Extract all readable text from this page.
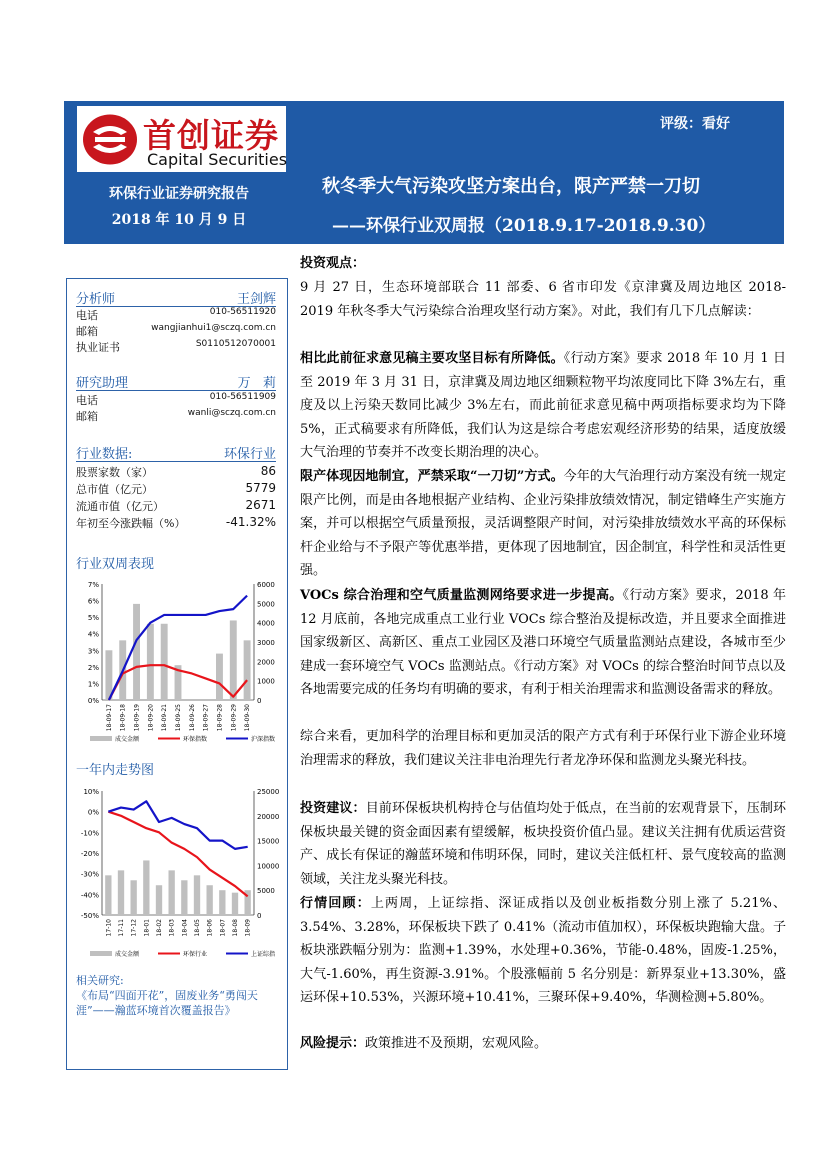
首创证券
Capital Securities
环保行业证券研究报告
2018 年 10 月 9 日
评级：看好
秋冬季大气污染攻坚方案出台，限产严禁一刀切
——环保行业双周报（2018.9.17-2018.9.30）
分析师	王剑辉
电话	010-56511920
邮箱	wangjianhui1@sczq.com.cn
执业证书	S0110512070001
研究助理	万   莉
电话	010-56511909
邮箱	wanli@sczq.com.cn
行业数据:	环保行业
股票家数（家）	86
总市值（亿元）	5779
流通市值（亿元）	2671
年初至今涨跌幅（%）	-41.32%
行业双周表现
7%
6%
5%
4%
3%
2%
1%
0%
6000
5000
4000
3000
2000
1000
0
18-09-17 18-09-18 18-09-19 18-09-20 18-09-21 18-09-25 18-09-26 18-09-27 18-09-28 18-09-29 18-09-30
成交金额	环保指数	沪深指数
一年内走势图
10%
0%
-10%
-20%
-30%
-40%
-50%
25000
20000
15000
10000
5000
0
17-10 17-11 17-12 18-01 18-02 18-03 18-04 18-05 18-06 18-07 18-08 18-09
成交金额	环保行业	上证综指
相关研究:
《布局“四面开花”，固废业务“勇闯天涯”——瀚蓝环境首次覆盖报告》
投资观点：
9 月 27 日，生态环境部联合 11 部委、6 省市印发《京津冀及周边地区 2018-2019 年秋冬季大气污染综合治理攻坚行动方案》。对此，我们有几下几点解读：
相比此前征求意见稿主要攻坚目标有所降低。《行动方案》要求 2018 年 10 月 1 日至 2019 年 3 月 31 日，京津冀及周边地区细颗粒物平均浓度同比下降 3%左右，重度及以上污染天数同比减少 3%左右，而此前征求意见稿中两项指标要求均为下降 5%，正式稿要求有所降低，我们认为这是综合考虑宏观经济形势的结果，适度放缓大气治理的节奏并不改变长期治理的决心。
限产体现因地制宜，严禁采取“一刀切”方式。今年的大气治理行动方案没有统一规定限产比例，而是由各地根据产业结构、企业污染排放绩效情况，制定错峰生产实施方案，并可以根据空气质量预报，灵活调整限产时间，对污染排放绩效水平高的环保标杆企业给与不予限产等优惠举措，更体现了因地制宜，因企制宜，科学性和灵活性更强。
VOCs 综合治理和空气质量监测网络要求进一步提高。《行动方案》要求，2018 年 12 月底前，各地完成重点工业行业 VOCs 综合整治及提标改造，并且要求全面推进国家级新区、高新区、重点工业园区及港口环境空气质量监测站点建设，各城市至少建成一套环境空气 VOCs 监测站点。《行动方案》对 VOCs 的综合整治时间节点以及各地需要完成的任务均有明确的要求，有利于相关治理需求和监测设备需求的释放。
综合来看，更加科学的治理目标和更加灵活的限产方式有利于环保行业下游企业环境治理需求的释放，我们建议关注非电治理先行者龙净环保和监测龙头聚光科技。
投资建议：目前环保板块机构持仓与估值均处于低点，在当前的宏观背景下，压制环保板块最关键的资金面因素有望缓解，板块投资价值凸显。建议关注拥有优质运营资产、成长有保证的瀚蓝环境和伟明环保，同时，建议关注低杠杆、景气度较高的监测领域，关注龙头聚光科技。
行情回顾：上两周，上证综指、深证成指以及创业板指数分别上涨了 5.21%、3.54%、3.28%，环保板块下跌了 0.41%（流动市值加权），环保板块跑输大盘。子板块涨跌幅分别为：监测+1.39%，水处理+0.36%，节能-0.48%，固废-1.25%，大气-1.60%，再生资源-3.91%。个股涨幅前 5 名分别是：新界泵业+13.30%，盛运环保+10.53%，兴源环境+10.41%，三聚环保+9.40%，华测检测+5.80%。
风险提示：政策推进不及预期，宏观风险。
